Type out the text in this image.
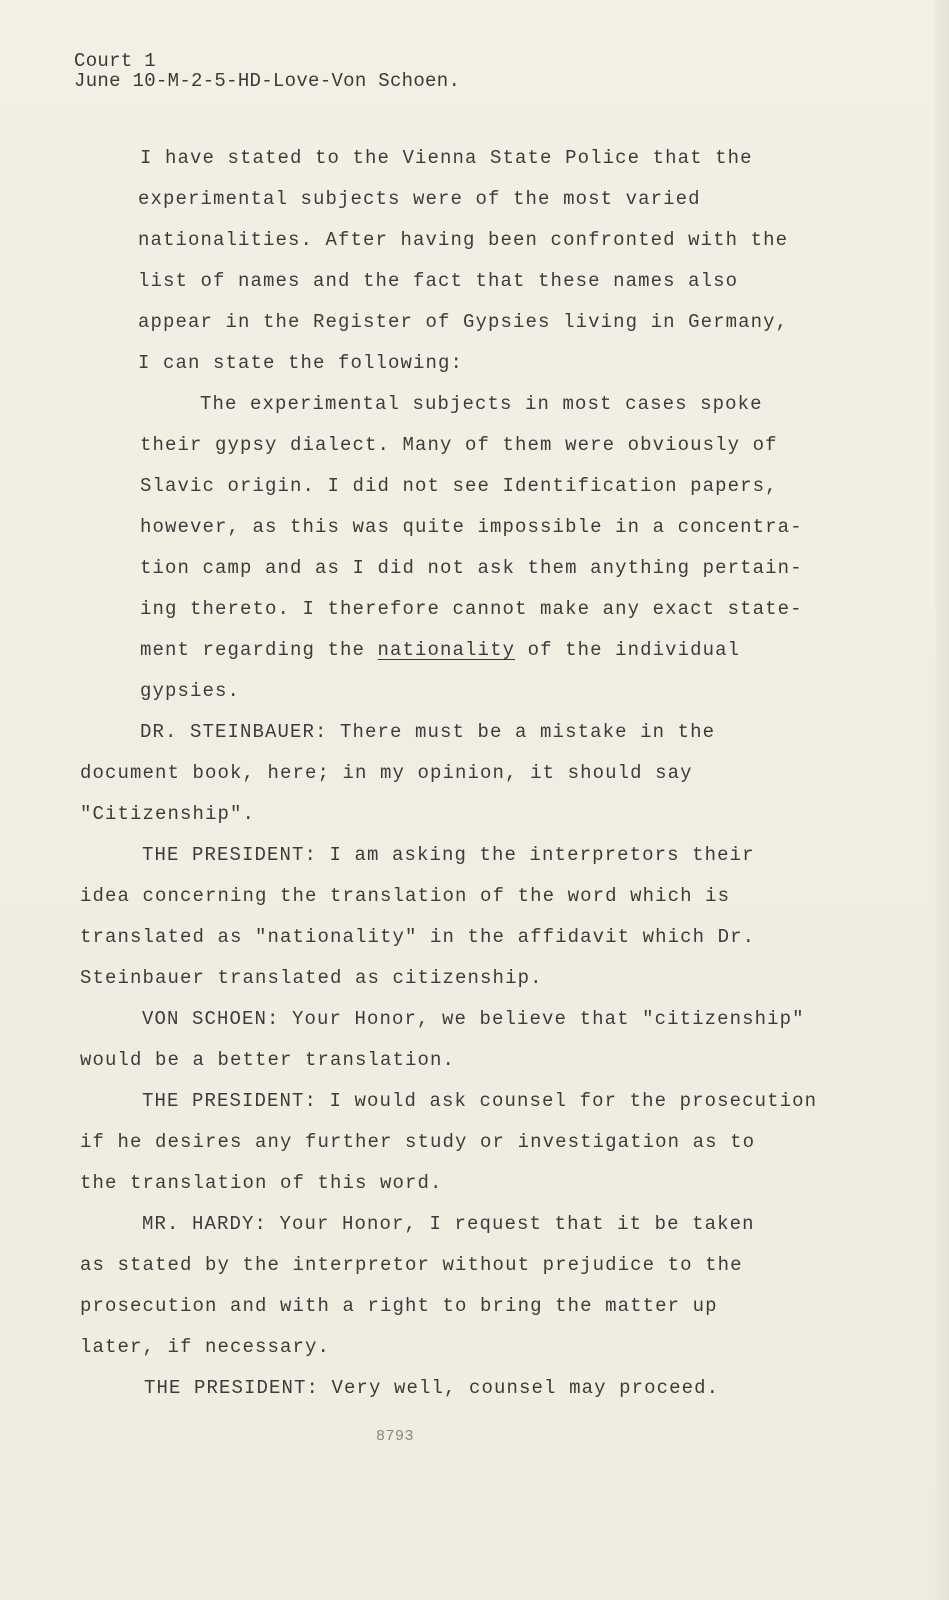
Court 1
June 10-M-2-5-HD-Love-Von Schoen.
I have stated to the Vienna State Police that the
experimental subjects were of the most varied
nationalities. After having been confronted with the
list of names and the fact that these names also
appear in the Register of Gypsies living in Germany,
I can state the following:
The experimental subjects in most cases spoke
their gypsy dialect. Many of them were obviously of
Slavic origin. I did not see Identification papers,
however, as this was quite impossible in a concentra-
tion camp and as I did not ask them anything pertain-
ing thereto. I therefore cannot make any exact state-
ment regarding the nationality of the individual
gypsies.
DR. STEINBAUER: There must be a mistake in the
document book, here; in my opinion, it should say
"Citizenship".
THE PRESIDENT: I am asking the interpretors their
idea concerning the translation of the word which is
translated as "nationality" in the affidavit which Dr.
Steinbauer translated as citizenship.
VON SCHOEN: Your Honor, we believe that "citizenship"
would be a better translation.
THE PRESIDENT: I would ask counsel for the prosecution
if he desires any further study or investigation as to
the translation of this word.
MR. HARDY: Your Honor, I request that it be taken
as stated by the interpretor without prejudice to the
prosecution and with a right to bring the matter up
later, if necessary.
THE PRESIDENT: Very well, counsel may proceed.
8793
